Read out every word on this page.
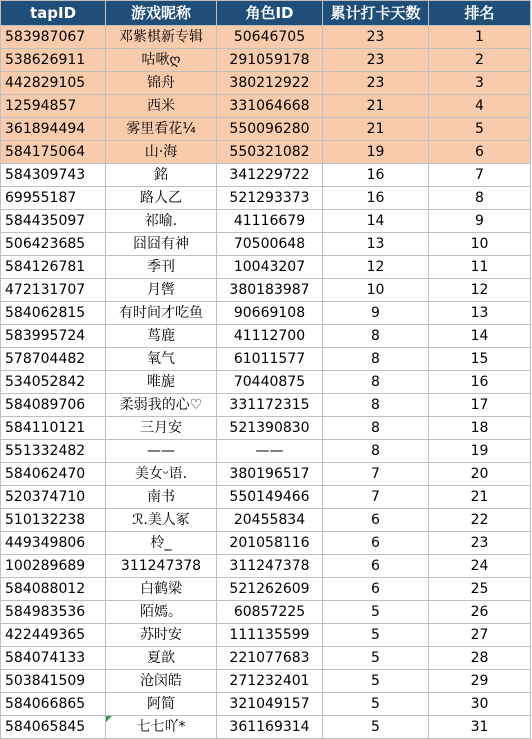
tapID	游戏昵称	角色ID	累计打卡天数	排名
583987067	邓紫棋新专辑	50646705	23	1
538626911	咕啾ღ	291059178	23	2
442829105	锦舟	380212922	23	3
12594857	西米	331064668	21	4
361894494	雾里看花¼	550096280	21	5
584175064	山·海	550321082	19	6
584309743	銘	341229722	16	7
69955187	路人乙	521293373	16	8
584435097	祁喻.	41116679	14	9
506423685	囧囧有神	70500648	13	10
584126781	季刊	10043207	12	11
472131707	月辔	380183987	10	12
584062815	有时间才吃鱼	90669108	9	13
583995724	茑鹿	41112700	8	14
578704482	氧气	61011577	8	15
534052842	唯旎	70440875	8	16
584089706	柔弱我的心♡	331172315	8	17
584110121	三月安	521390830	8	18
551332482	——	——	8	19
584062470	美女ᵕ语.	380196517	7	20
520374710	南书	550149466	7	21
510132238	ℛ.美人冢	20455834	6	22
449349806	柃_	201058116	6	23
100289689	311247378	311247378	6	24
584088012	白鹤梁	521262609	6	25
584983536	陌嫣。	60857225	5	26
422449365	苏时安	111135599	5	27
584074133	夏歆	221077683	5	28
503841509	沧闵皓	271232401	5	29
584066865	阿简	321049157	5	30
584065845	七七吖*	361169314	5	31
